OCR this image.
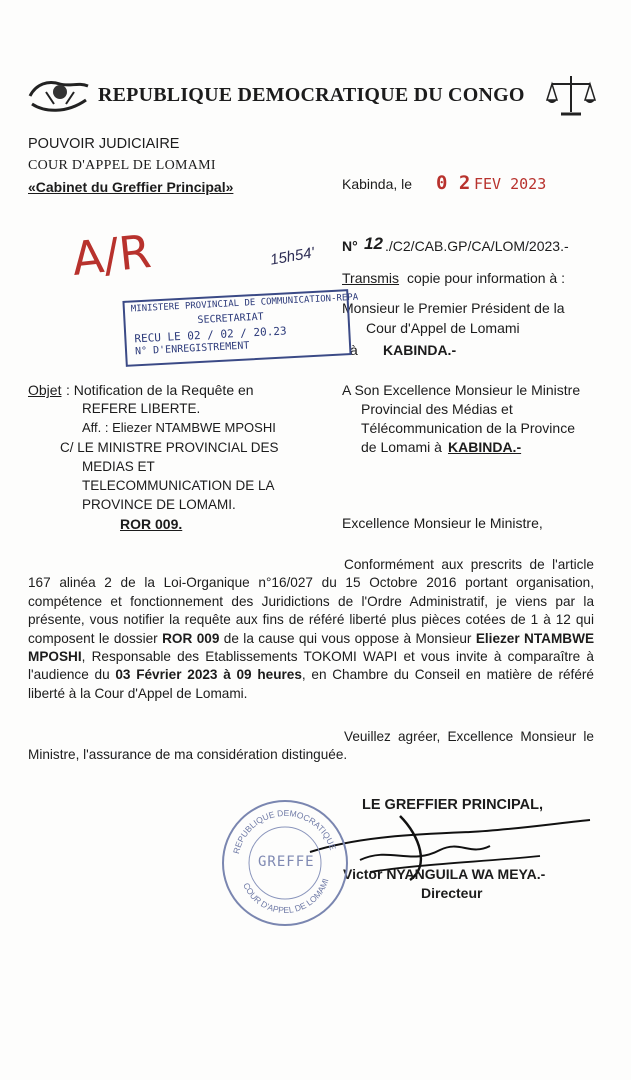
REPUBLIQUE DEMOCRATIQUE DU CONGO
POUVOIR JUDICIAIRE
COUR D'APPEL DE LOMAMI
«Cabinet du Greffier Principal»	Kabinda, le 0 2 FEV 2023
A/R	15h54' N° 12 ./C2/CAB.GP/CA/LOM/2023.-
Transmis copie pour information à :
Monsieur le Premier Président de la
Cour d'Appel de Lomami
à KABINDA.-
MINISTERE PROVINCIAL DE COMMUNICATION-REPA
SECRETARIAT
RECU LE 02 / 02 / 20.23
N° D'ENREGISTREMENT
Objet : Notification de la Requête en
REFERE LIBERTE.
Aff. : Eliezer NTAMBWE MPOSHI
C/ LE MINISTRE PROVINCIAL DES
MEDIAS ET
TELECOMMUNICATION DE LA
PROVINCE DE LOMAMI.
ROR 009.
A Son Excellence Monsieur le Ministre
Provincial des Médias et
Télécommunication de la Province
de Lomami à KABINDA.-
Excellence Monsieur le Ministre,

Conformément aux prescrits de l'article 167 alinéa 2 de la Loi-Organique n°16/027 du 15 Octobre 2016 portant organisation, compétence et fonctionnement des Juridictions de l'Ordre Administratif, je viens par la présente, vous notifier la requête aux fins de référé liberté plus pièces cotées de 1 à 12 qui composent le dossier ROR 009 de la cause qui vous oppose à Monsieur Eliezer NTAMBWE MPOSHI, Responsable des Etablissements TOKOMI WAPI et vous invite à comparaître à l'audience du 03 Février 2023 à 09 heures, en Chambre du Conseil en matière de référé liberté à la Cour d'Appel de Lomami.

Veuillez agréer, Excellence Monsieur le Ministre, l'assurance de ma considération distinguée.

LE GREFFIER PRINCIPAL,
Victor NYANGUILA WA MEYA.-
Directeur
REPUBLIQUE DEMOCRATIQUE
COUR D'APPEL DE LOMAMI
GREFFE
